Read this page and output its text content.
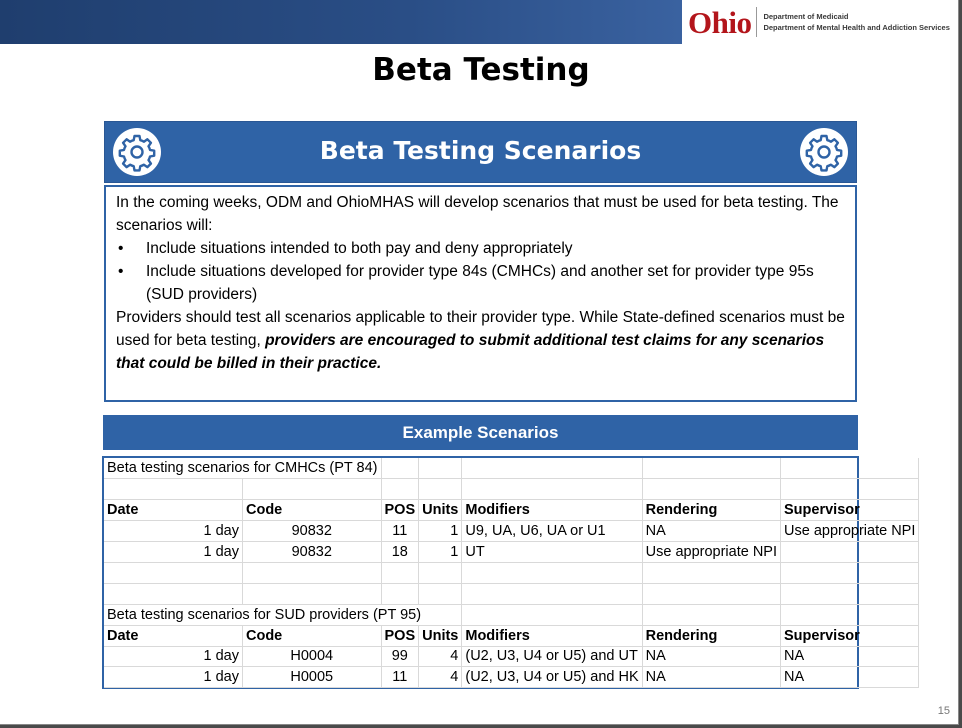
Ohio Department of Medicaid
Department of Mental Health and Addiction Services
Beta Testing
Beta Testing Scenarios

In the coming weeks, ODM and OhioMHAS will develop scenarios that must be used for beta testing. The scenarios will:

• Include situations intended to both pay and deny appropriately

• Include situations developed for provider type 84s (CMHCs) and another set for provider type 95s (SUD providers)

Providers should test all scenarios applicable to their provider type. While State-defined scenarios must be used for beta testing, providers are encouraged to submit additional test claims for any scenarios that could be billed in their practice.

Example Scenarios
Beta testing scenarios for CMHCs (PT 84)						

Date	Code	POS	Units	Modifiers	Rendering	Supervisor
1 day	90832	11	1	U9, UA, U6, UA or U1	NA	Use appropriate NPI
1 day	90832	18	1	UT	Use appropriate NPI	

Beta testing scenarios for SUD providers (PT 95)						
Date	Code	POS	Units	Modifiers	Rendering	Supervisor
1 day	H0004	99	4	(U2, U3, U4 or U5) and UT	NA	NA
1 day	H0005	11	4	(U2, U3, U4 or U5) and HK	NA	NA
15
